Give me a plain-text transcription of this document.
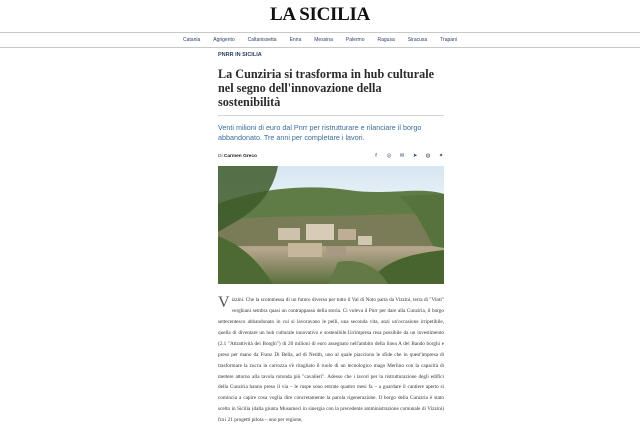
LA SICILIA
Catania	Agrigento	Caltanissetta	Enna	Messina	Palermo	Ragusa	Siracusa	Trapani
PNRR IN SICILIA
La Cunziria si trasforma in hub culturale nel segno dell'innovazione della sostenibilità
Venti milioni di euro dal Pnrr per ristrutturare e rilanciare il borgo abbandonato. Tre anni per completare i lavori.
Di Carmen Greco	f	◎ ✉ ➤ ◍ ✦

V izzini. Che la scommessa di un futuro diverso per tutto il Val di Noto parta da Vizzini, terra di "Vinti" verghiani sembra quasi un contrappasso della storia. Ci voleva il Pnrr per dare alla Cunziria, il borgo settecentesco abbandonato in cui si lavoravano le pelli, una seconda vita, anzi un'occasione irripetibile, quella di diventare un hub culturale innovativo e sostenibile.Un'impresa resa possibile da un investimento (2.1 "Attrattività dei Borghi") di 20 milioni di euro assegnato nell'ambito della linea A del Bando borghi e preso per mano da Franz Di Bella, ad di Netith, uno al quale piacciono le sfide che in quest'impresa di trasformare la zucca in carrozza s'è ritagliato il ruolo di un tecnologico mago Merlino con la capacità di mettere attorno alla tavola rotonda più "cavalieri". Adesso che i lavori per la ristrutturazione degli edifici della Cunziria hanno preso il via – le ruspe sono entrate quattro mesi fa – a guardare il cantiere aperto si comincia a capire cosa voglia dire concretamente la parola rigenerazione. Il borgo della Cunziria è stato scelto in Sicilia (dalla giunta Musumeci in sinergia con la precedente amministrazione comunale di Vizzini) fra i 21 progetti pilota – uno per regione,
